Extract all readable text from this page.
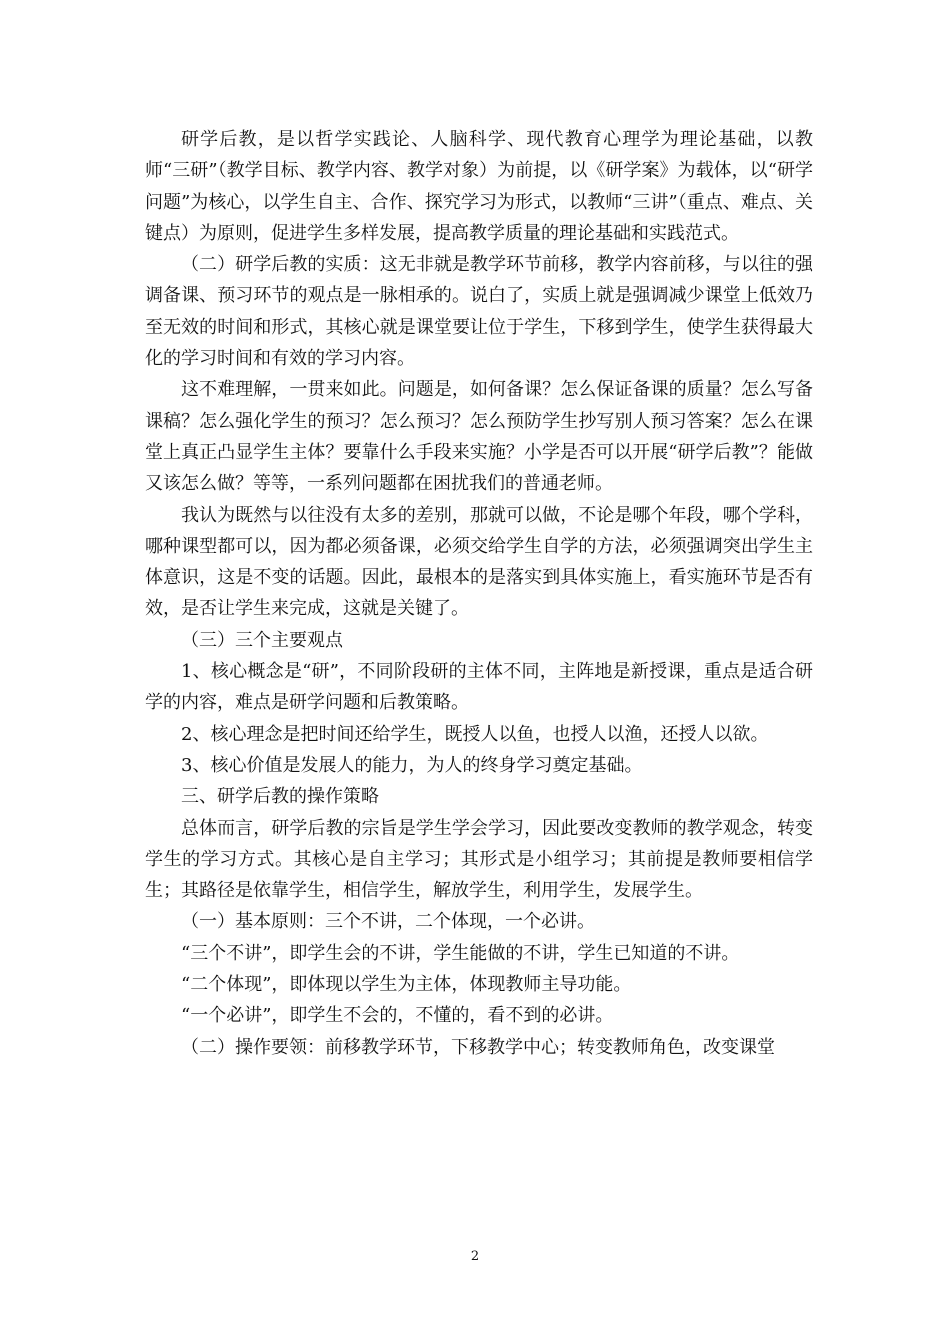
研学后教，是以哲学实践论、人脑科学、现代教育心理学为理论基础，以教师“三研”（教学目标、教学内容、教学对象）为前提，以《研学案》为载体，以“研学问题”为核心，以学生自主、合作、探究学习为形式，以教师“三讲”（重点、难点、关键点）为原则，促进学生多样发展，提高教学质量的理论基础和实践范式。

（二）研学后教的实质：这无非就是教学环节前移，教学内容前移，与以往的强调备课、预习环节的观点是一脉相承的。说白了，实质上就是强调减少课堂上低效乃至无效的时间和形式，其核心就是课堂要让位于学生，下移到学生，使学生获得最大化的学习时间和有效的学习内容。

这不难理解，一贯来如此。问题是，如何备课？怎么保证备课的质量？怎么写备课稿？怎么强化学生的预习？怎么预习？怎么预防学生抄写别人预习答案？怎么在课堂上真正凸显学生主体？要靠什么手段来实施？小学是否可以开展“研学后教”？能做又该怎么做？等等，一系列问题都在困扰我们的普通老师。

我认为既然与以往没有太多的差别，那就可以做，不论是哪个年段，哪个学科，哪种课型都可以，因为都必须备课，必须交给学生自学的方法，必须强调突出学生主体意识，这是不变的话题。因此，最根本的是落实到具体实施上，看实施环节是否有效，是否让学生来完成，这就是关键了。

（三）三个主要观点

1、核心概念是“研”，不同阶段研的主体不同，主阵地是新授课，重点是适合研学的内容，难点是研学问题和后教策略。

2、核心理念是把时间还给学生，既授人以鱼，也授人以渔，还授人以欲。

3、核心价值是发展人的能力，为人的终身学习奠定基础。

三、研学后教的操作策略

总体而言，研学后教的宗旨是学生学会学习，因此要改变教师的教学观念，转变学生的学习方式。其核心是自主学习；其形式是小组学习；其前提是教师要相信学生；其路径是依靠学生，相信学生，解放学生，利用学生，发展学生。

（一）基本原则：三个不讲，二个体现，一个必讲。

“三个不讲”，即学生会的不讲，学生能做的不讲，学生已知道的不讲。

“二个体现”，即体现以学生为主体，体现教师主导功能。

“一个必讲”，即学生不会的，不懂的，看不到的必讲。

（二）操作要领：前移教学环节，下移教学中心；转变教师角色，改变课堂

2
